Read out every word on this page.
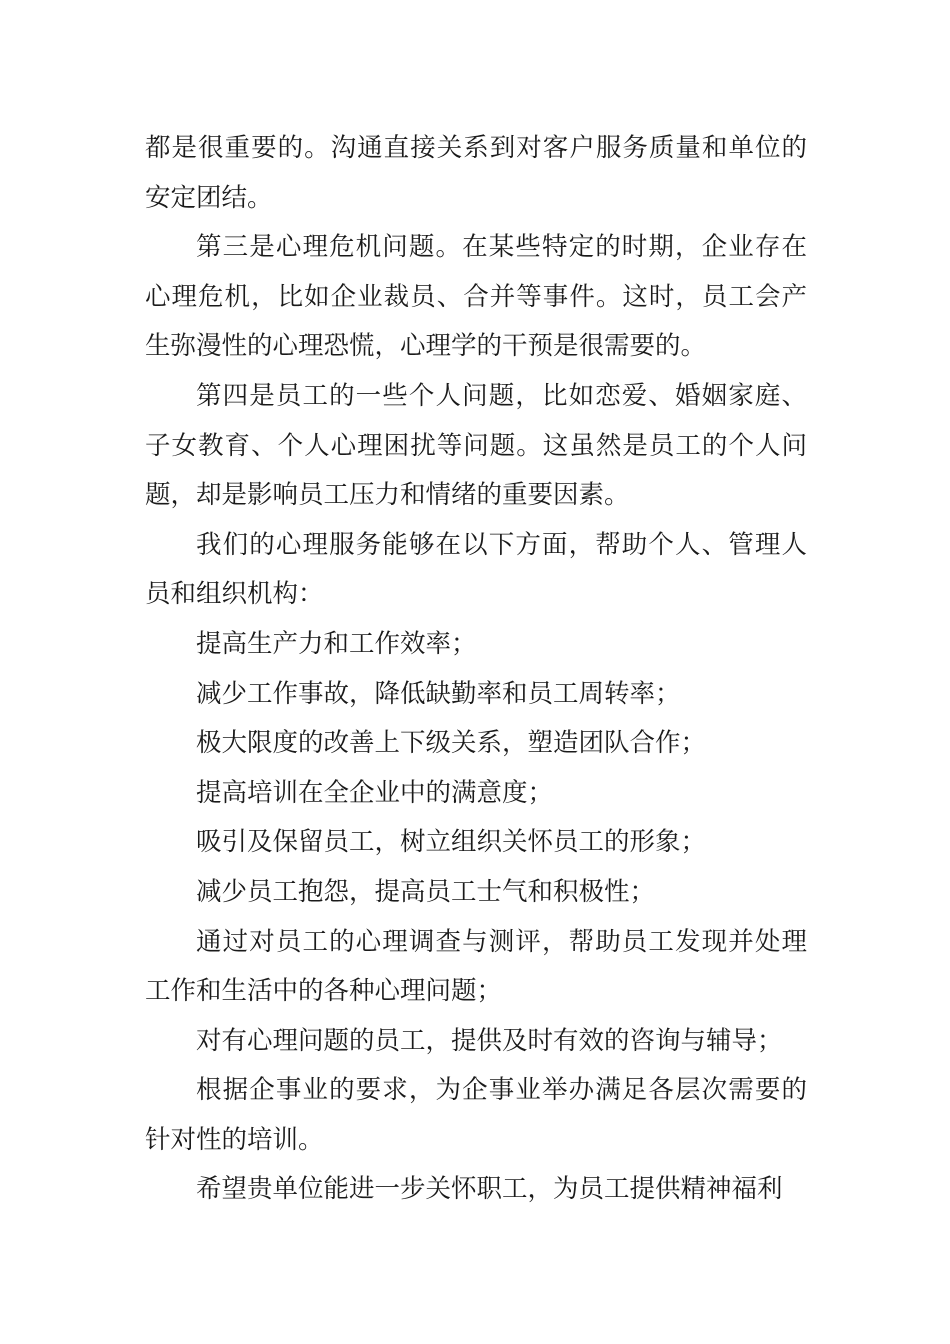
都是很重要的。沟通直接关系到对客户服务质量和单位的安定团结。

第三是心理危机问题。在某些特定的时期，企业存在心理危机，比如企业裁员、合并等事件。这时，员工会产生弥漫性的心理恐慌，心理学的干预是很需要的。

第四是员工的一些个人问题，比如恋爱、婚姻家庭、子女教育、个人心理困扰等问题。这虽然是员工的个人问题，却是影响员工压力和情绪的重要因素。

我们的心理服务能够在以下方面，帮助个人、管理人员和组织机构：

提高生产力和工作效率；

减少工作事故，降低缺勤率和员工周转率；

极大限度的改善上下级关系，塑造团队合作；

提高培训在全企业中的满意度；

吸引及保留员工，树立组织关怀员工的形象；

减少员工抱怨，提高员工士气和积极性；

通过对员工的心理调查与测评，帮助员工发现并处理工作和生活中的各种心理问题；

对有心理问题的员工，提供及时有效的咨询与辅导；

根据企事业的要求，为企事业举办满足各层次需要的针对性的培训。

希望贵单位能进一步关怀职工，为员工提供精神福利
